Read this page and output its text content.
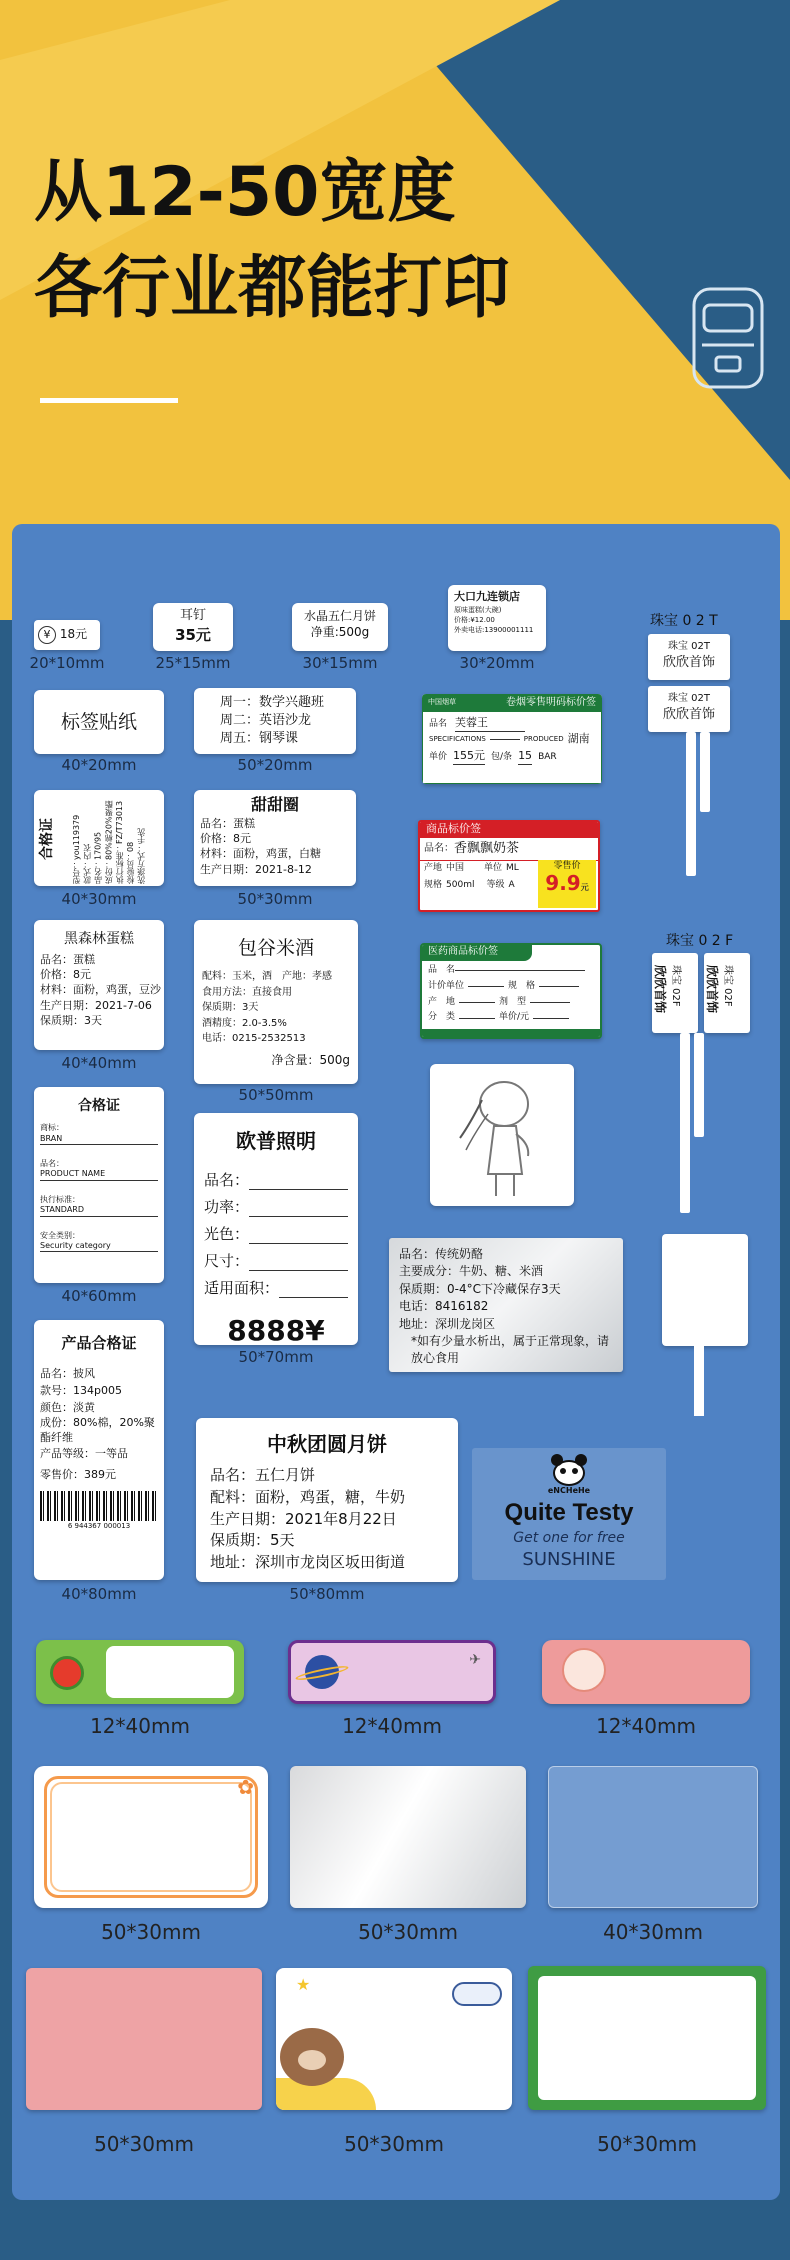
从12-50宽度
各行业都能打印
¥ 18元
20*10mm
耳钉
35元
25*15mm
水晶五仁月饼
净重:500g
30*15mm
大口九连锁店
原味蛋糕(大碗)
价格:¥12.00
外卖电话:13900001111
30*20mm
珠宝 0 2 T
珠宝 02T
欣欣首饰
珠宝 02T
欣欣首饰
标签贴纸
40*20mm
周一：数学兴趣班
周二：英语沙龙
周五：钢琴课
50*20mm
中国烟草	卷烟零售明码标价签
品名 芙蓉王
SPECIFICATIONS	PRODUCED 湖南
单价 155元 包/条 15 BAR
合格证 型号：you119379 款式：内衣 品名：170/95 成份：80%棉20%聚酯 执行标准：FZ/T73013 检验员：08 洗涤方式：手洗
40*30mm
甜甜圈
品名：蛋糕
价格：8元
材料：面粉，鸡蛋，白糖
生产日期：2021-8-12
50*30mm
商品标价签
品名： 香飘飘奶茶
产地 中国 单位 ML
规格 500ml 等级 A
零售价
9.9元
黑森林蛋糕
品名：蛋糕
价格：8元
材料：面粉，鸡蛋，豆沙
生产日期：2021-7-06
保质期：3天
40*40mm
包谷米酒
配料：玉米，酒　产地：孝感
食用方法：直接食用
保质期：3天
酒精度：2.0-3.5%
电话：0215-2532513
净含量：500g
50*50mm
医药商品标价签
品　名
计价单位	规　格
产　地	剂　型
分　类	单价/元
珠宝 0 2 F
珠宝 02F
欣欣首饰	珠宝 02F
欣欣首饰
合格证
商标：
BRAN
品名：
PRODUCT NAME
执行标准：
STANDARD
安全类别：
Security category
40*60mm
欧普照明
品名：
功率：
光色：
尺寸：
适用面积：
8888¥
50*70mm
品名：传统奶酪
主要成分：牛奶、糖、米酒
保质期：0-4°C下冷藏保存3天
电话：8416182
地址：深圳龙岗区
*如有少量水析出，属于正常现象，请放心食用
产品合格证
品名：披风
款号：134p005
颜色：淡黄
成份：80%棉，20%聚酯纤维
产品等级：一等品
零售价：389元
6 944367 000013
40*80mm
中秋团圆月饼
品名：五仁月饼
配料：面粉，鸡蛋，糖，牛奶
生产日期：2021年8月22日
保质期：5天
地址：深圳市龙岗区坂田街道
50*80mm
eNCHeHe
Quite Testy
Get one for free
SUNSHINE
12*40mm
✈
12*40mm	12*40mm
✿
50*30mm	50*30mm	40*30mm
50*30mm
★
50*30mm	50*30mm
